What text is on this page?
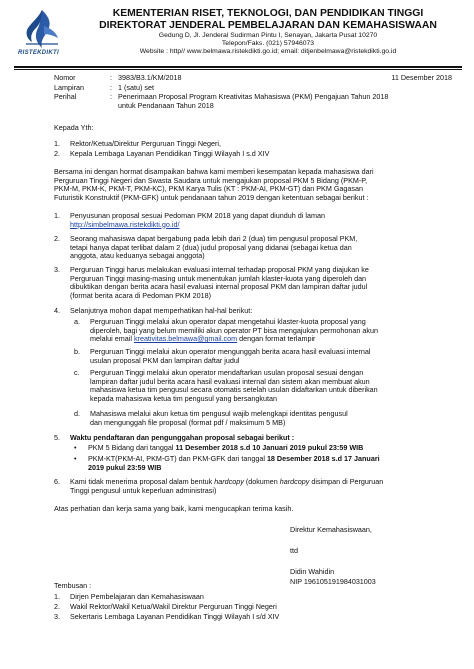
RISTEKDIKTI
KEMENTERIAN RISET, TEKNOLOGI, DAN PENDIDIKAN TINGGI
DIREKTORAT JENDERAL PEMBELAJARAN DAN KEMAHASISWAAN
Gedung D, Jl. Jenderal Sudirman Pintu I, Senayan, Jakarta Pusat 10270
Telepon/Faks. (021) 57946073
Website : http// www.belmawa.ristekdikti.go.id; email: ditjenbelmawa@ristekdikti.go.id
Nomor	: 3983/B3.1/KM/2018	11 Desember 2018
Lampiran	: 1 (satu) set
Perihal	: Penerimaan Proposal Program Kreativitas Mahasiswa (PKM) Pengajuan Tahun 2018
untuk Pendanaan Tahun 2018
Kepada Yth:
1.	Rektor/Ketua/Direktur Perguruan Tinggi Negeri,
2.	Kepala Lembaga Layanan Pendidikan Tinggi Wilayah I s.d XIV
Bersama ini dengan hormat disampaikan bahwa kami memberi kesempatan kepada mahasiswa dari
Perguruan Tinggi Negeri dan Swasta Saudara untuk mengajukan proposal PKM 5 Bidang (PKM-P,
PKM-M, PKM-K, PKM-T, PKM-KC), PKM Karya Tulis (KT : PKM-AI, PKM-GT) dan PKM Gagasan
Futuristik Konstruktif (PKM-GFK) untuk pendanaan tahun 2019 dengan ketentuan sebagai berikut :
1.	Penyusunan proposal sesuai Pedoman PKM 2018 yang dapat diunduh di laman
http://simbelmawa.ristekdikti.go.id/
2.	Seorang mahasiswa dapat bergabung pada lebih dari 2 (dua) tim pengusul proposal PKM,
tetapi hanya dapat terlibat dalam 2 (dua) judul proposal yang didanai (sebagai ketua dan
anggota, atau keduanya sebagai anggota)
3.	Perguruan Tinggi harus melakukan evaluasi internal terhadap proposal PKM yang diajukan ke
Perguruan Tinggi masing-masing untuk menentukan jumlah klaster-kuota yang diperoleh dan
dibuktikan dengan berita acara hasil evaluasi internal proposal PKM dan lampiran daftar judul
(format berita acara di Pedoman PKM 2018)
4.	Selanjutnya mohon dapat memperhatikan hal-hal berikut:
a.	Perguruan Tinggi melalui akun operator dapat mengetahui klaster-kuota proposal yang
diperoleh, bagi yang belum memiliki akun operator PT bisa mengajukan permohonan akun
melalui email kreativitas.belmawa@gmail.com dengan format terlampir
b.	Perguruan Tinggi melalui akun operator mengunggah berita acara hasil evaluasi internal
usulan proposal PKM dan lampiran daftar judul
c.	Perguruan Tinggi melalui akun operator mendaftarkan usulan proposal sesuai dengan
lampiran daftar judul berita acara hasil evaluasi internal dan sistem akan membuat akun
mahasiswa ketua tim pengusul secara otomatis setelah usulan didaftarkan untuk diberikan
kepada mahasiswa ketua tim pengusul yang bersangkutan
d.	Mahasiswa melalui akun ketua tim pengusul wajib melengkapi identitas pengusul
dan mengunggah file proposal (format pdf / maksimum 5 MB)
5.	Waktu pendaftaran dan pengunggahan proposal sebagai berikut :
•	PKM 5 Bidang dari tanggal 11 Desember 2018 s.d 10 Januari 2019 pukul 23:59 WIB
•	PKM-KT(PKM-AI, PKM-GT) dan PKM-GFK dari tanggal 18 Desember 2018 s.d 17 Januari
2019 pukul 23:59 WIB
6.	Kami tidak menerima proposal dalam bentuk hardcopy (dokumen hardcopy disimpan di Perguruan
Tinggi pengusul untuk keperluan administrasi)
Atas perhatian dan kerja sama yang baik, kami mengucapkan terima kasih.
Direktur Kemahasiswaan,
ttd
Didin Wahidin
NIP 196105191984031003
Tembusan :
1.	Dirjen Pembelajaran dan Kemahasiswaan
2.	Wakil Rektor/Wakil Ketua/Wakil Direktur Perguruan Tinggi Negeri
3.	Sekertaris Lembaga Layanan Pendidikan Tinggi Wilayah I s/d XIV
